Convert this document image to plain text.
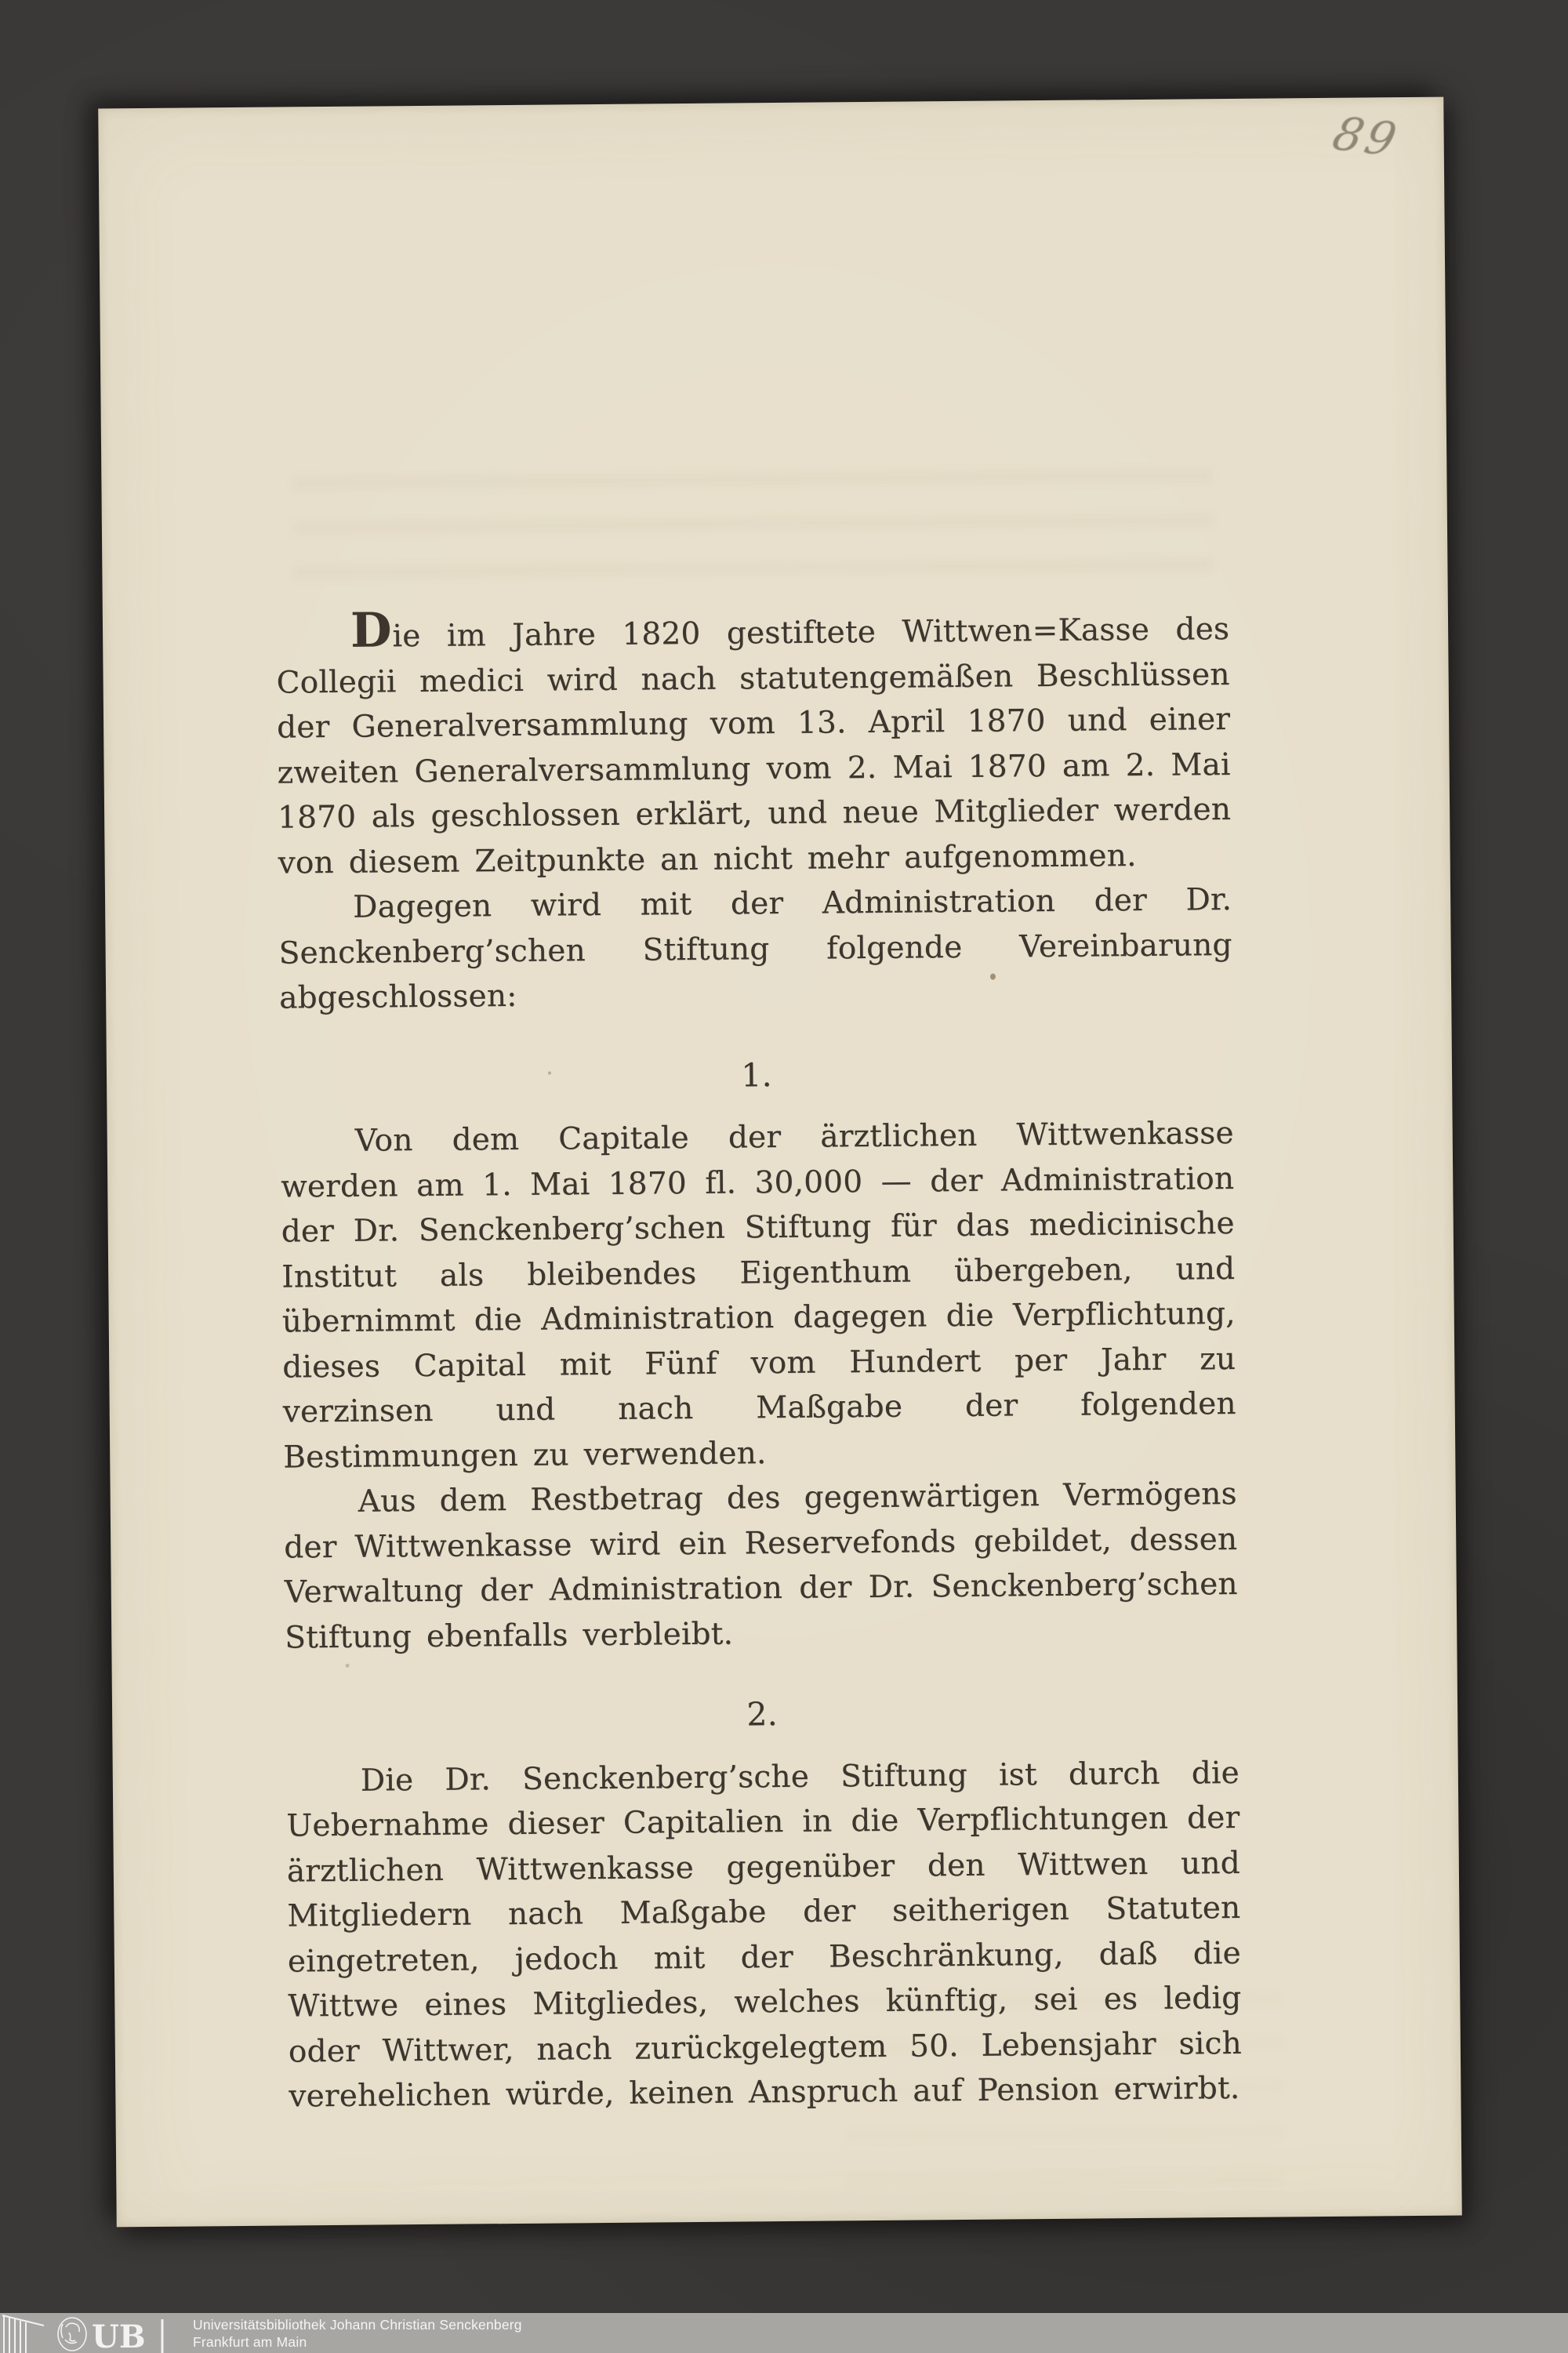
89

Die im Jahre 1820 gestiftete Wittwen=Kasse des Collegii medici wird nach statutengemäßen Beschlüssen der Generalversammlung vom 13. April 1870 und einer zweiten Generalversammlung vom 2. Mai 1870 am 2. Mai 1870 als geschlossen erklärt, und neue Mitglieder werden von diesem Zeitpunkte an nicht mehr aufgenommen.

Dagegen wird mit der Administration der Dr. Senckenberg’schen Stiftung folgende Vereinbarung abgeschlossen:

1.

Von dem Capitale der ärztlichen Wittwenkasse werden am 1. Mai 1870 fl. 30,000 — der Administration der Dr. Senckenberg’schen Stiftung für das medicinische Institut als bleibendes Eigenthum übergeben, und übernimmt die Administration dagegen die Verpflichtung, dieses Capital mit Fünf vom Hundert per Jahr zu verzinsen und nach Maßgabe der folgenden Bestimmungen zu verwenden.

Aus dem Restbetrag des gegenwärtigen Vermögens der Wittwenkasse wird ein Reservefonds gebildet, dessen Verwaltung der Administration der Dr. Senckenberg’schen Stiftung ebenfalls verbleibt.

2.

Die Dr. Senckenberg’sche Stiftung ist durch die Uebernahme dieser Capitalien in die Verpflichtungen der ärztlichen Wittwenkasse gegenüber den Wittwen und Mitgliedern nach Maßgabe der seitherigen Statuten eingetreten, jedoch mit der Beschränkung, daß die Wittwe eines Mitgliedes, welches künftig, sei es ledig oder Wittwer, nach zurückgelegtem 50. Lebensjahr sich verehelichen würde, keinen Anspruch auf Pension erwirbt.

UB	Universitätsbibliothek Johann Christian Senckenberg
Frankfurt am Main
